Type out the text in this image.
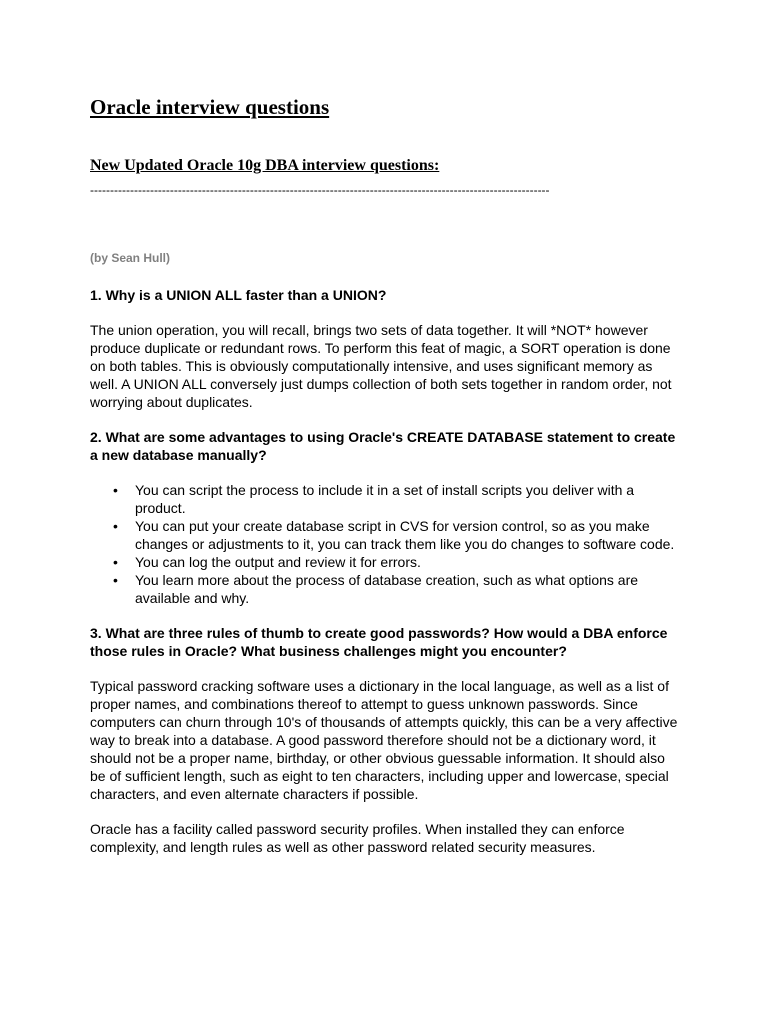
Oracle interview questions
New Updated Oracle 10g DBA interview questions:
-------------------------------------------------------------------------------------------------------------------

(by Sean Hull)

1. Why is a UNION ALL faster than a UNION?

The union operation, you will recall, brings two sets of data together. It will *NOT* however produce duplicate or redundant rows. To perform this feat of magic, a SORT operation is done on both tables. This is obviously computationally intensive, and uses significant memory as well. A UNION ALL conversely just dumps collection of both sets together in random order, not worrying about duplicates.

2. What are some advantages to using Oracle's CREATE DATABASE statement to create a new database manually?

• You can script the process to include it in a set of install scripts you deliver with a product.
• You can put your create database script in CVS for version control, so as you make changes or adjustments to it, you can track them like you do changes to software code.
• You can log the output and review it for errors.
• You learn more about the process of database creation, such as what options are available and why.

3. What are three rules of thumb to create good passwords? How would a DBA enforce those rules in Oracle? What business challenges might you encounter?

Typical password cracking software uses a dictionary in the local language, as well as a list of proper names, and combinations thereof to attempt to guess unknown passwords. Since computers can churn through 10's of thousands of attempts quickly, this can be a very affective way to break into a database. A good password therefore should not be a dictionary word, it should not be a proper name, birthday, or other obvious guessable information. It should also be of sufficient length, such as eight to ten characters, including upper and lowercase, special characters, and even alternate characters if possible.

Oracle has a facility called password security profiles. When installed they can enforce complexity, and length rules as well as other password related security measures.
